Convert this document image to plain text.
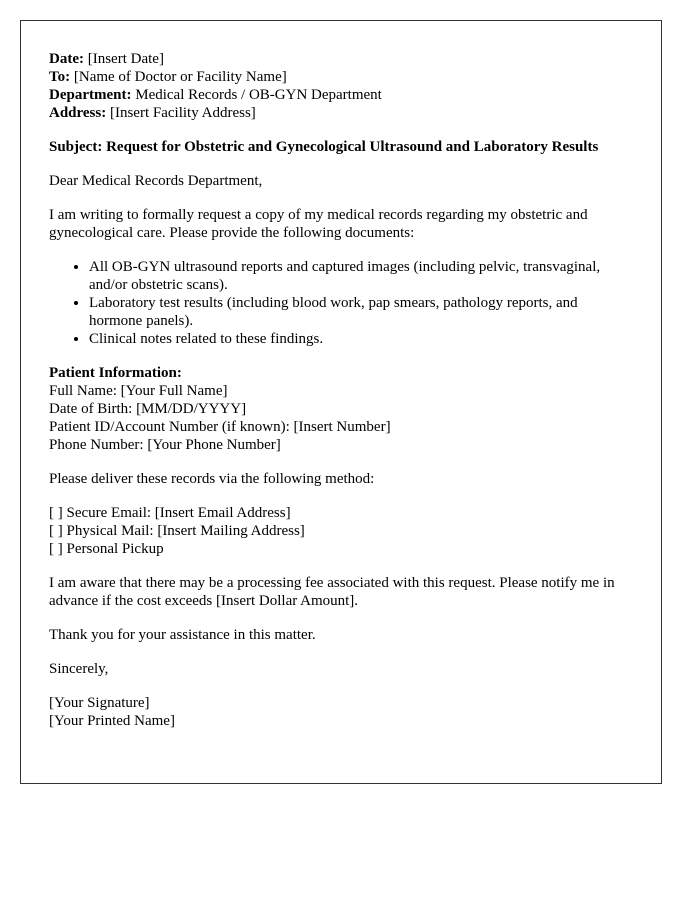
Date: [Insert Date]
To: [Name of Doctor or Facility Name]
Department: Medical Records / OB-GYN Department
Address: [Insert Facility Address]

Subject: Request for Obstetric and Gynecological Ultrasound and Laboratory Results

Dear Medical Records Department,

I am writing to formally request a copy of my medical records regarding my obstetric and gynecological care. Please provide the following documents:

• All OB-GYN ultrasound reports and captured images (including pelvic, transvaginal, and/or obstetric scans).
• Laboratory test results (including blood work, pap smears, pathology reports, and hormone panels).
• Clinical notes related to these findings.

Patient Information:
Full Name: [Your Full Name]
Date of Birth: [MM/DD/YYYY]
Patient ID/Account Number (if known): [Insert Number]
Phone Number: [Your Phone Number]

Please deliver these records via the following method:

[ ] Secure Email: [Insert Email Address]
[ ] Physical Mail: [Insert Mailing Address]
[ ] Personal Pickup

I am aware that there may be a processing fee associated with this request. Please notify me in advance if the cost exceeds [Insert Dollar Amount].

Thank you for your assistance in this matter.

Sincerely,

[Your Signature]
[Your Printed Name]
